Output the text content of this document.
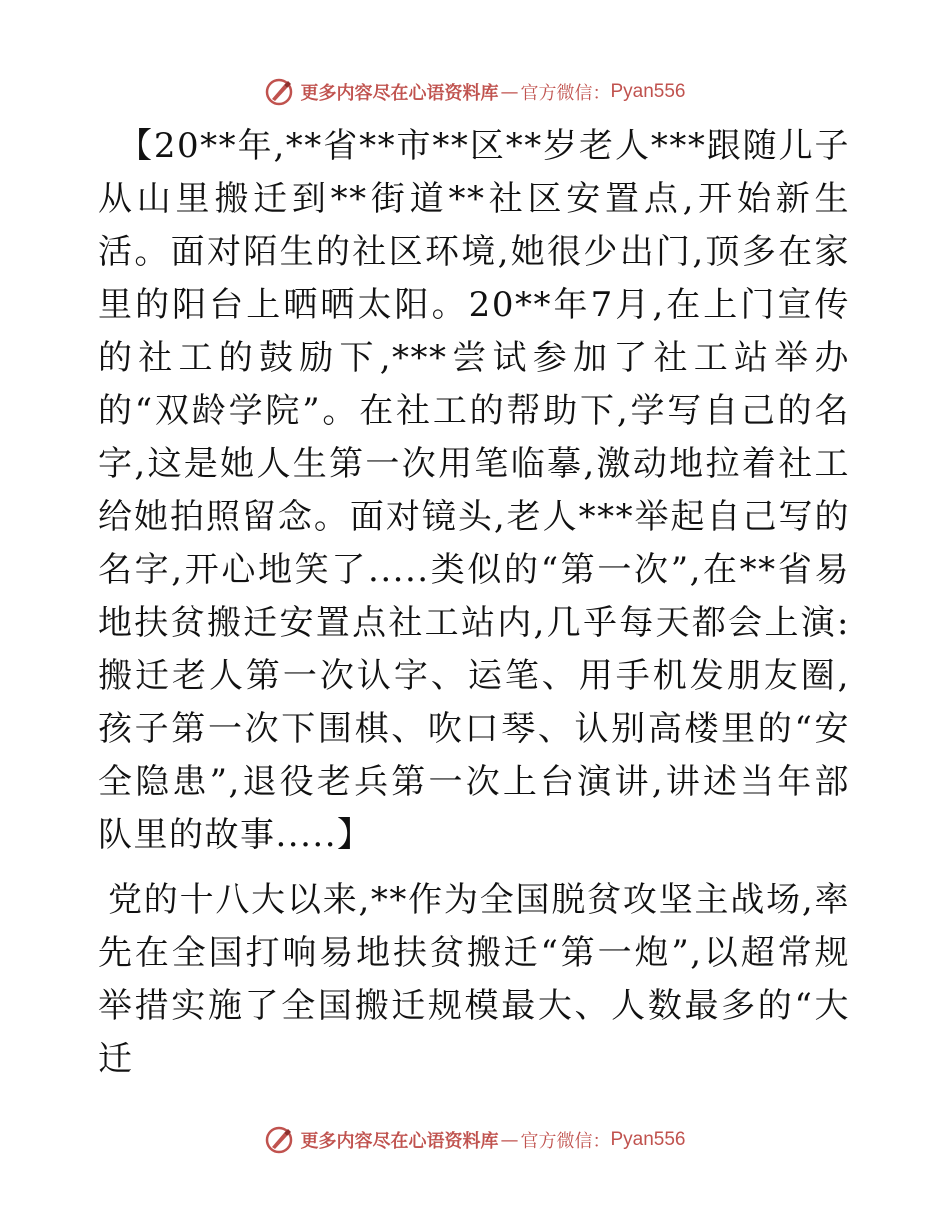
更多内容尽在心语资料库 — 官方微信： Pyan556

【20**年,**省**市**区**岁老人***跟随儿子从山里搬迁到**街道**社区安置点,开始新生活。面对陌生的社区环境,她很少出门,顶多在家里的阳台上晒晒太阳。20**年7月,在上门宣传的社工的鼓励下,***尝试参加了社工站举办的“双龄学院”。在社工的帮助下,学写自己的名字,这是她人生第一次用笔临摹,激动地拉着社工给她拍照留念。面对镜头,老人***举起自己写的名字,开心地笑了.....类似的“第一次”,在**省易地扶贫搬迁安置点社工站内,几乎每天都会上演:搬迁老人第一次认字、运笔、用手机发朋友圈,孩子第一次下围棋、吹口琴、认别高楼里的“安全隐患”,退役老兵第一次上台演讲,讲述当年部队里的故事.....】

党的十八大以来,**作为全国脱贫攻坚主战场,率先在全国打响易地扶贫搬迁“第一炮”,以超常规举措实施了全国搬迁规模最大、人数最多的“大迁

更多内容尽在心语资料库 — 官方微信： Pyan556
